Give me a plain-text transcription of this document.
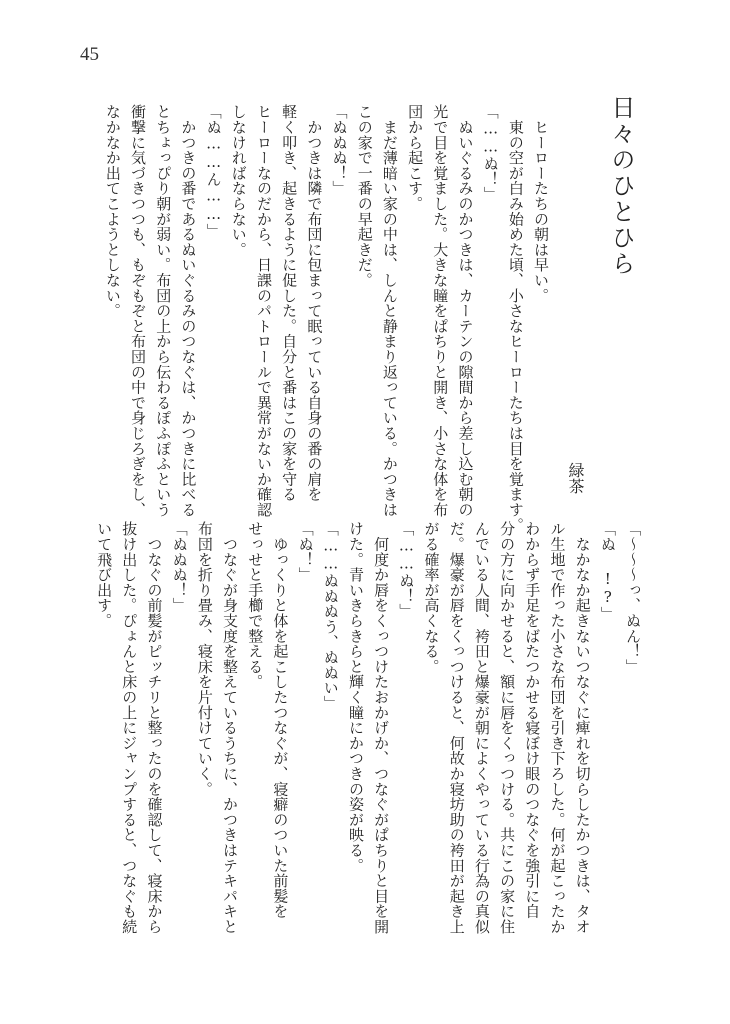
45
日々のひとひら
緑茶
　ヒーローたちの朝は早い。
　東の空が白み始めた頃、小さなヒーローたちは目を覚ます。
「……ぬ！」
　ぬいぐるみのかつきは、カーテンの隙間から差し込む朝の
光で目を覚ました。大きな瞳をぱちりと開き、小さな体を布
団から起こす。
　まだ薄暗い家の中は、しんと静まり返っている。かつきは
この家で一番の早起きだ。
「ぬぬぬ！」
　かつきは隣で布団に包まって眠っている自身の番の肩を
軽く叩き、起きるように促した。自分と番はこの家を守る
ヒーローなのだから、日課のパトロールで異常がないか確認
しなければならない。
「ぬ……ん……」
　かつきの番であるぬいぐるみのつなぐは、かつきに比べる
とちょっぴり朝が弱い。布団の上から伝わるぽふぽふという
衝撃に気づきつつも、もぞもぞと布団の中で身じろぎをし、
なかなか出てこようとしない。
「～～～っ、ぬん！」
「ぬ !?」
　なかなか起きないつなぐに痺れを切らしたかつきは、タオ
ル生地で作った小さな布団を引き下ろした。何が起こったか
わからず手足をばたつかせる寝ぼけ眼のつなぐを強引に自
分の方に向かせると、額に唇をくっつける。共にこの家に住
んでいる人間、袴田と爆豪が朝によくやっている行為の真似
だ。爆豪が唇をくっつけると、何故か寝坊助の袴田が起き上
がる確率が高くなる。
「……ぬ！」
　何度か唇をくっつけたおかげか、つなぐがぱちりと目を開
けた。青いきらきらと輝く瞳にかつきの姿が映る。
「……ぬぬぬう、ぬぬい」
「ぬ！」
　ゆっくりと体を起こしたつなぐが、寝癖のついた前髪を
せっせと手櫛で整える。
　つなぐが身支度を整えているうちに、かつきはテキパキと
布団を折り畳み、寝床を片付けていく。
「ぬぬぬ！」
　つなぐの前髪がピッチリと整ったのを確認して、寝床から
抜け出した。ぴょんと床の上にジャンプすると、つなぐも続
いて飛び出す。
